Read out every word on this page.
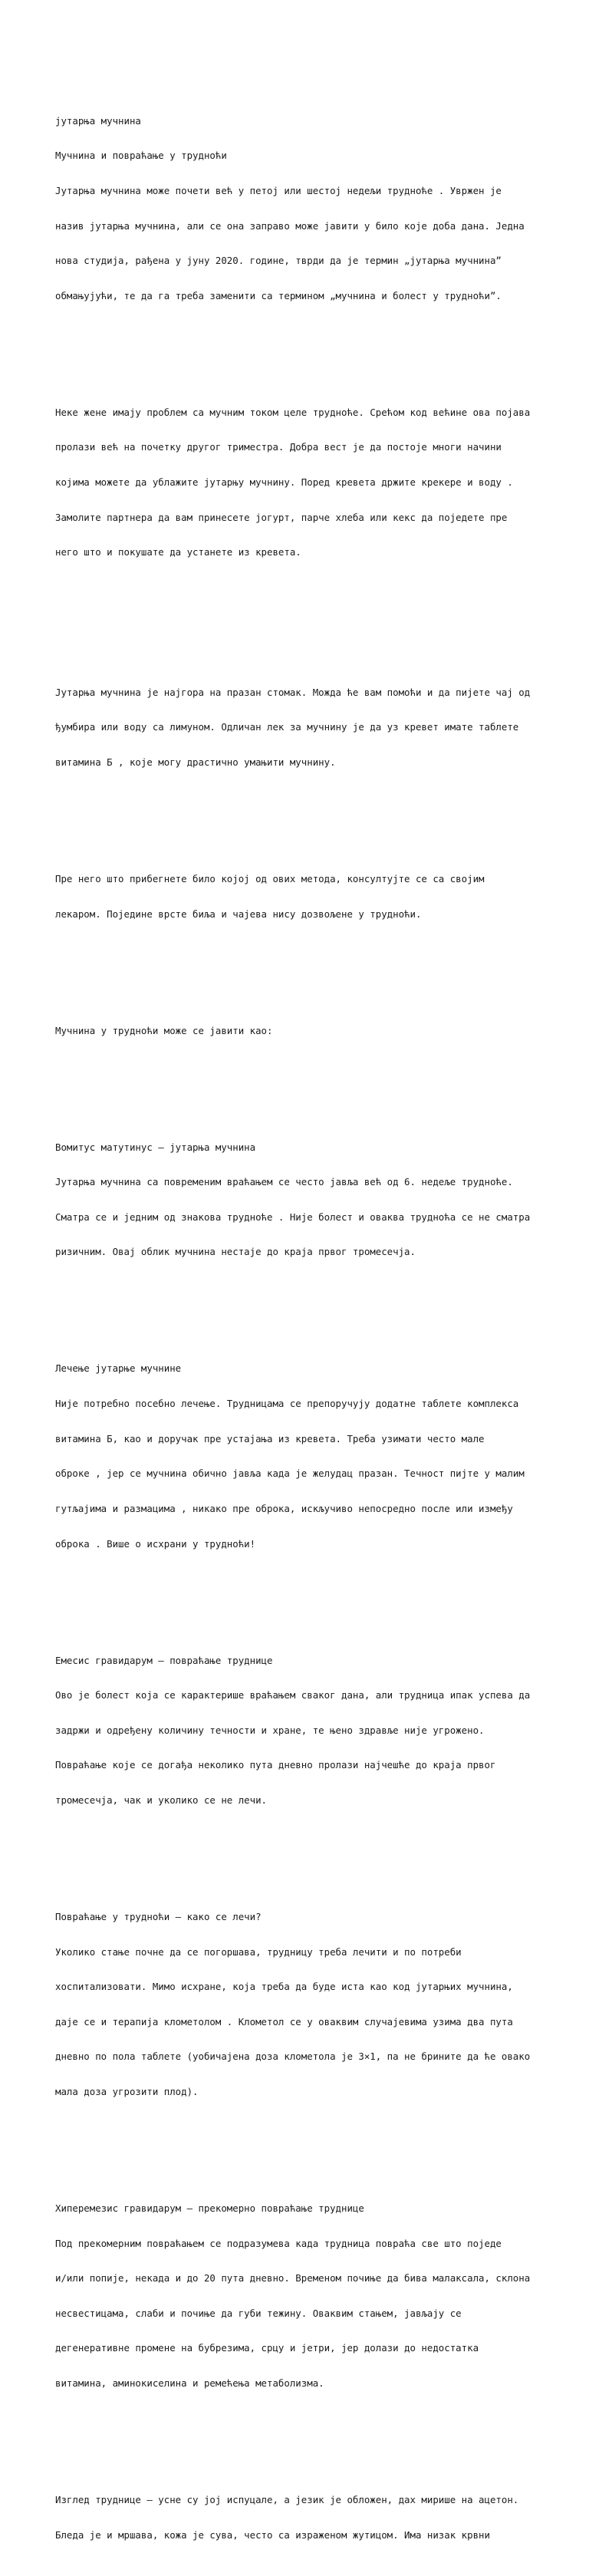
јутарња мучнина

Мучнина и повраћање у трудноћи

Јутарња мучнина може почети већ у петој или шестој недељи трудноће . Увржен је

назив јутарња мучнина, али се она заправо може јавити у било које доба дана. Једна

нова студија, рађена у јуну 2020. године, тврди да је термин „јутарња мучнина”

обмањујући, те да га треба заменити са термином „мучнина и болест у трудноћи”.

Неке жене имају проблем са мучним током целе трудноће. Срећом код већине ова појава

пролази већ на почетку другог триместра. Добра вест је да постоје многи начини

којима можете да ублажите јутарњу мучнину. Поред кревета држите крекере и воду .

Замолите партнера да вам принесете јогурт, парче хлеба или кекс да поједете пре

него што и покушате да устанете из кревета.

Јутарња мучнина је најгора на празан стомак. Можда ће вам помоћи и да пијете чај од

ђумбира или воду са лимуном. Одличан лек за мучнину је да уз кревет имате таблете

витамина Б , које могу драстично умањити мучнину.

Пре него што прибегнете било којој од ових метода, консултујте се са својим

лекаром. Поједине врсте биља и чајева нису дозвољене у трудноћи.

Мучнина у трудноћи може се јавити као:

Вомитус матутинус – јутарња мучнина

Јутарња мучнина са повременим враћањем се често јавља већ од 6. недеље трудноће.

Сматра се и једним од знакова трудноће . Није болест и оваква трудноћа се не сматра

ризичним. Овај облик мучнина нестаје до краја првог тромесечја.

Лечење јутарње мучнине

Није потребно посебно лечење. Трудницама се препоручују додатне таблете комплекса

витамина Б, као и доручак пре устајања из кревета. Треба узимати често мале

оброке , јер се мучнина обично јавља када је желудац празан. Течност пијте у малим

гутљајима и размацима , никако пре оброка, искључиво непосредно после или између

оброка . Више о исхрани у трудноћи!

Емесис гравидарум – повраћање труднице

Ово је болест која се карактерише враћањем сваког дана, али трудница ипак успева да

задржи и одређену количину течности и хране, те њено здравље није угрожено.

Повраћање које се догађа неколико пута дневно пролази најчешће до краја првог

тромесечја, чак и уколико се не лечи.

Повраћање у трудноћи – како се лечи?

Уколико стање почне да се погоршава, трудницу треба лечити и по потреби

хоспитализовати. Мимо исхране, која треба да буде иста као код јутарњих мучнина,

даје се и терапија клометолом . Клометол се у оваквим случајевима узима два пута

дневно по пола таблете (уобичајена доза клометола је 3×1, па не брините да ће овако

мала доза угрозити плод).

Хиперемезис гравидарум – прекомерно повраћање труднице

Под прекомерним повраћањем се подразумева када трудница повраћа све што поједе

и/или попије, некада и до 20 пута дневно. Временом почиње да бива малаксала, склона

несвестицама, слаби и почиње да губи тежину. Оваквим стањем, јављају се

дегенеративне промене на бубрезима, срцу и јетри, јер долази до недостатка

витамина, аминокиселина и ремећења метаболизма.

Изглед труднице – усне су јој испуцале, а језик је обложен, дах мирише на ацетон.

Бледа је и мршава, кожа је сува, често са израженом жутицом. Има низак крвни
